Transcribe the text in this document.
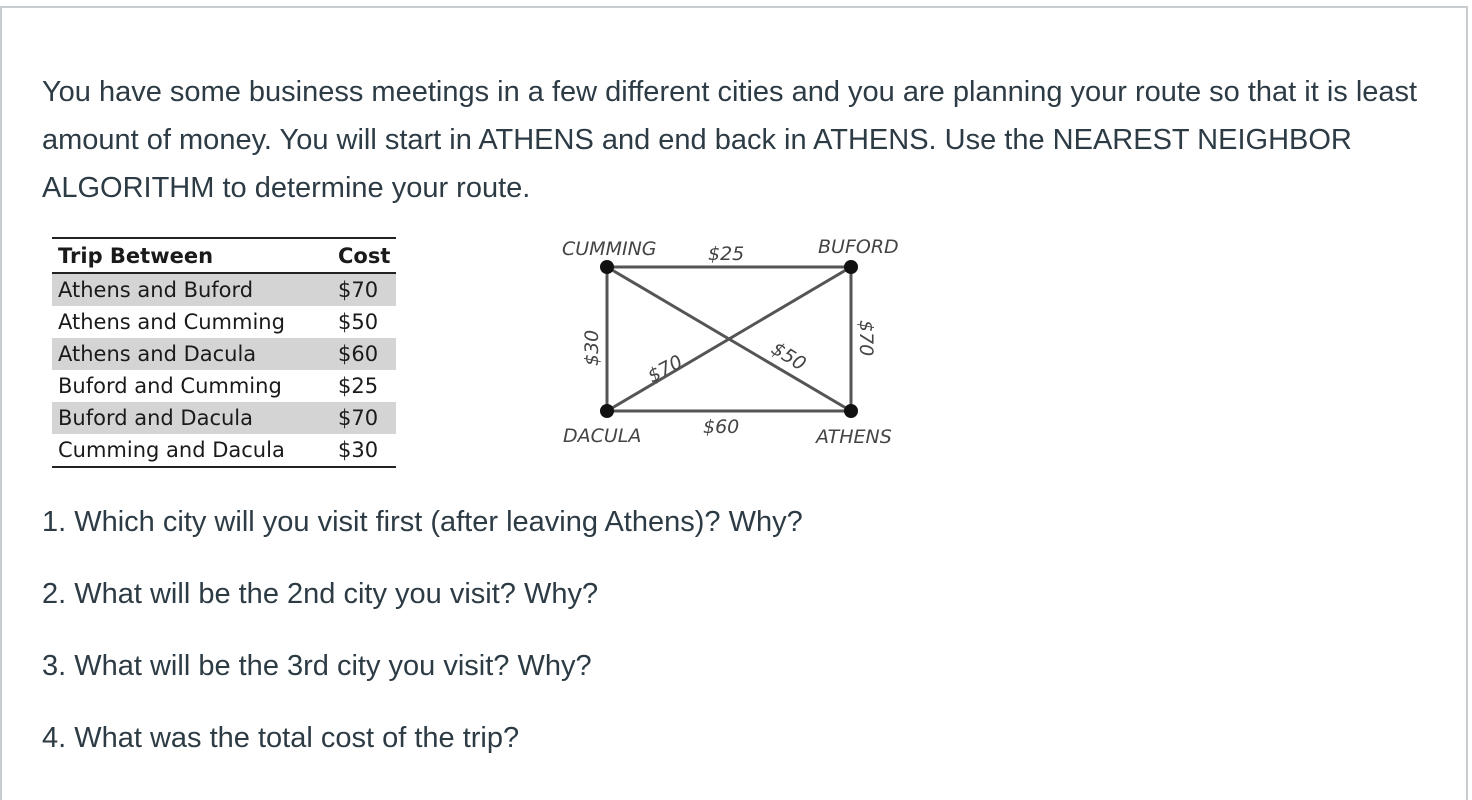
You have some business meetings in a few different cities and you are planning your route so that it is least amount of money. You will start in ATHENS and end back in ATHENS. Use the NEAREST NEIGHBOR ALGORITHM to determine your route.

Trip Between	Cost
Athens and Buford	$70
Athens and Cumming	$50
Athens and Dacula	$60
Buford and Cumming	$25
Buford and Dacula	$70
Cumming and Dacula	$30
CUMMING	BUFORD
DACULA	ATHENS
$25
$60
$30	$70
$70	$50
1. Which city will you visit first (after leaving Athens)? Why?
2. What will be the 2nd city you visit? Why?
3. What will be the 3rd city you visit? Why?
4. What was the total cost of the trip?
